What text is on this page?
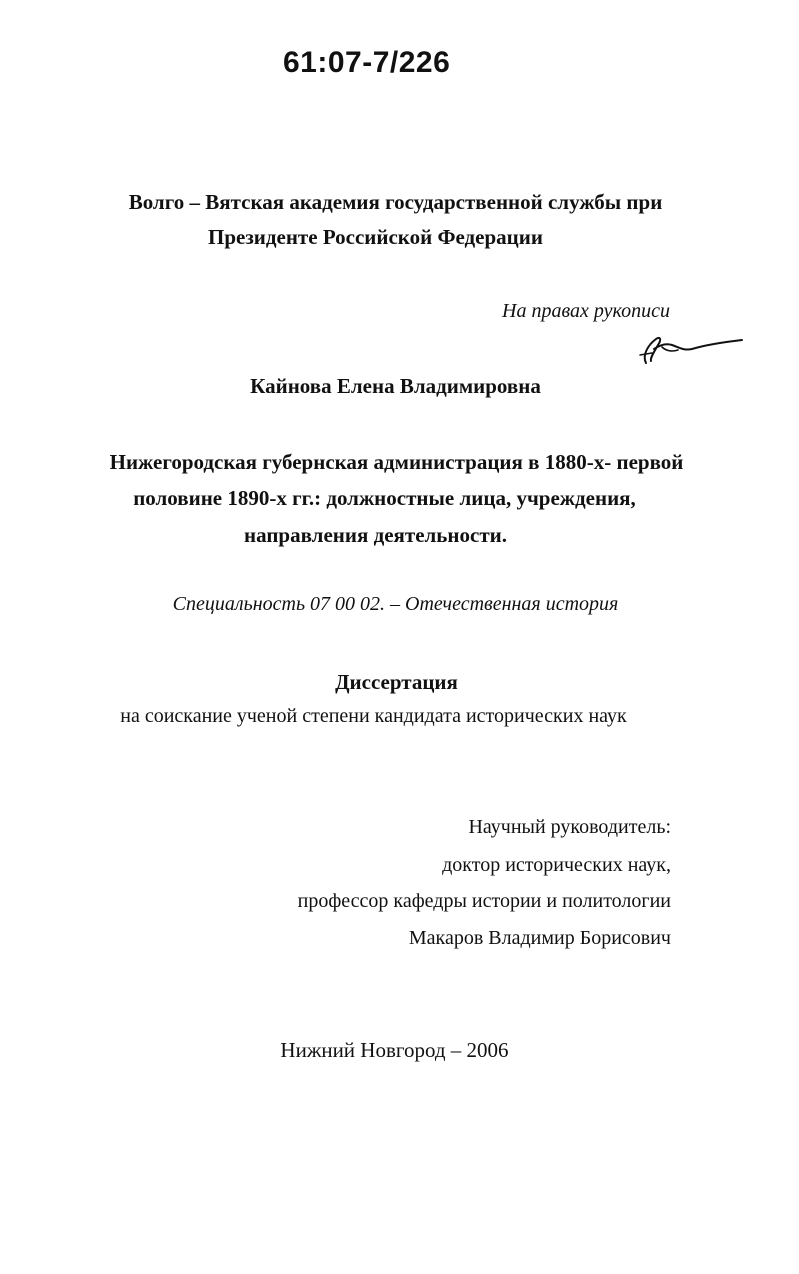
61:07-7/226
Волго – Вятская академия государственной службы при
Президенте Российской Федерации
На правах рукописи
Кайнова Елена Владимировна
Нижегородская губернская администрация в 1880-х- первой
половине 1890-х гг.: должностные лица, учреждения,
направления деятельности.
Специальность 07 00 02. – Отечественная история
Диссертация
на соискание ученой степени кандидата исторических наук
Научный руководитель:
доктор исторических наук,
профессор кафедры истории и политологии
Макаров Владимир Борисович
Нижний Новгород – 2006
